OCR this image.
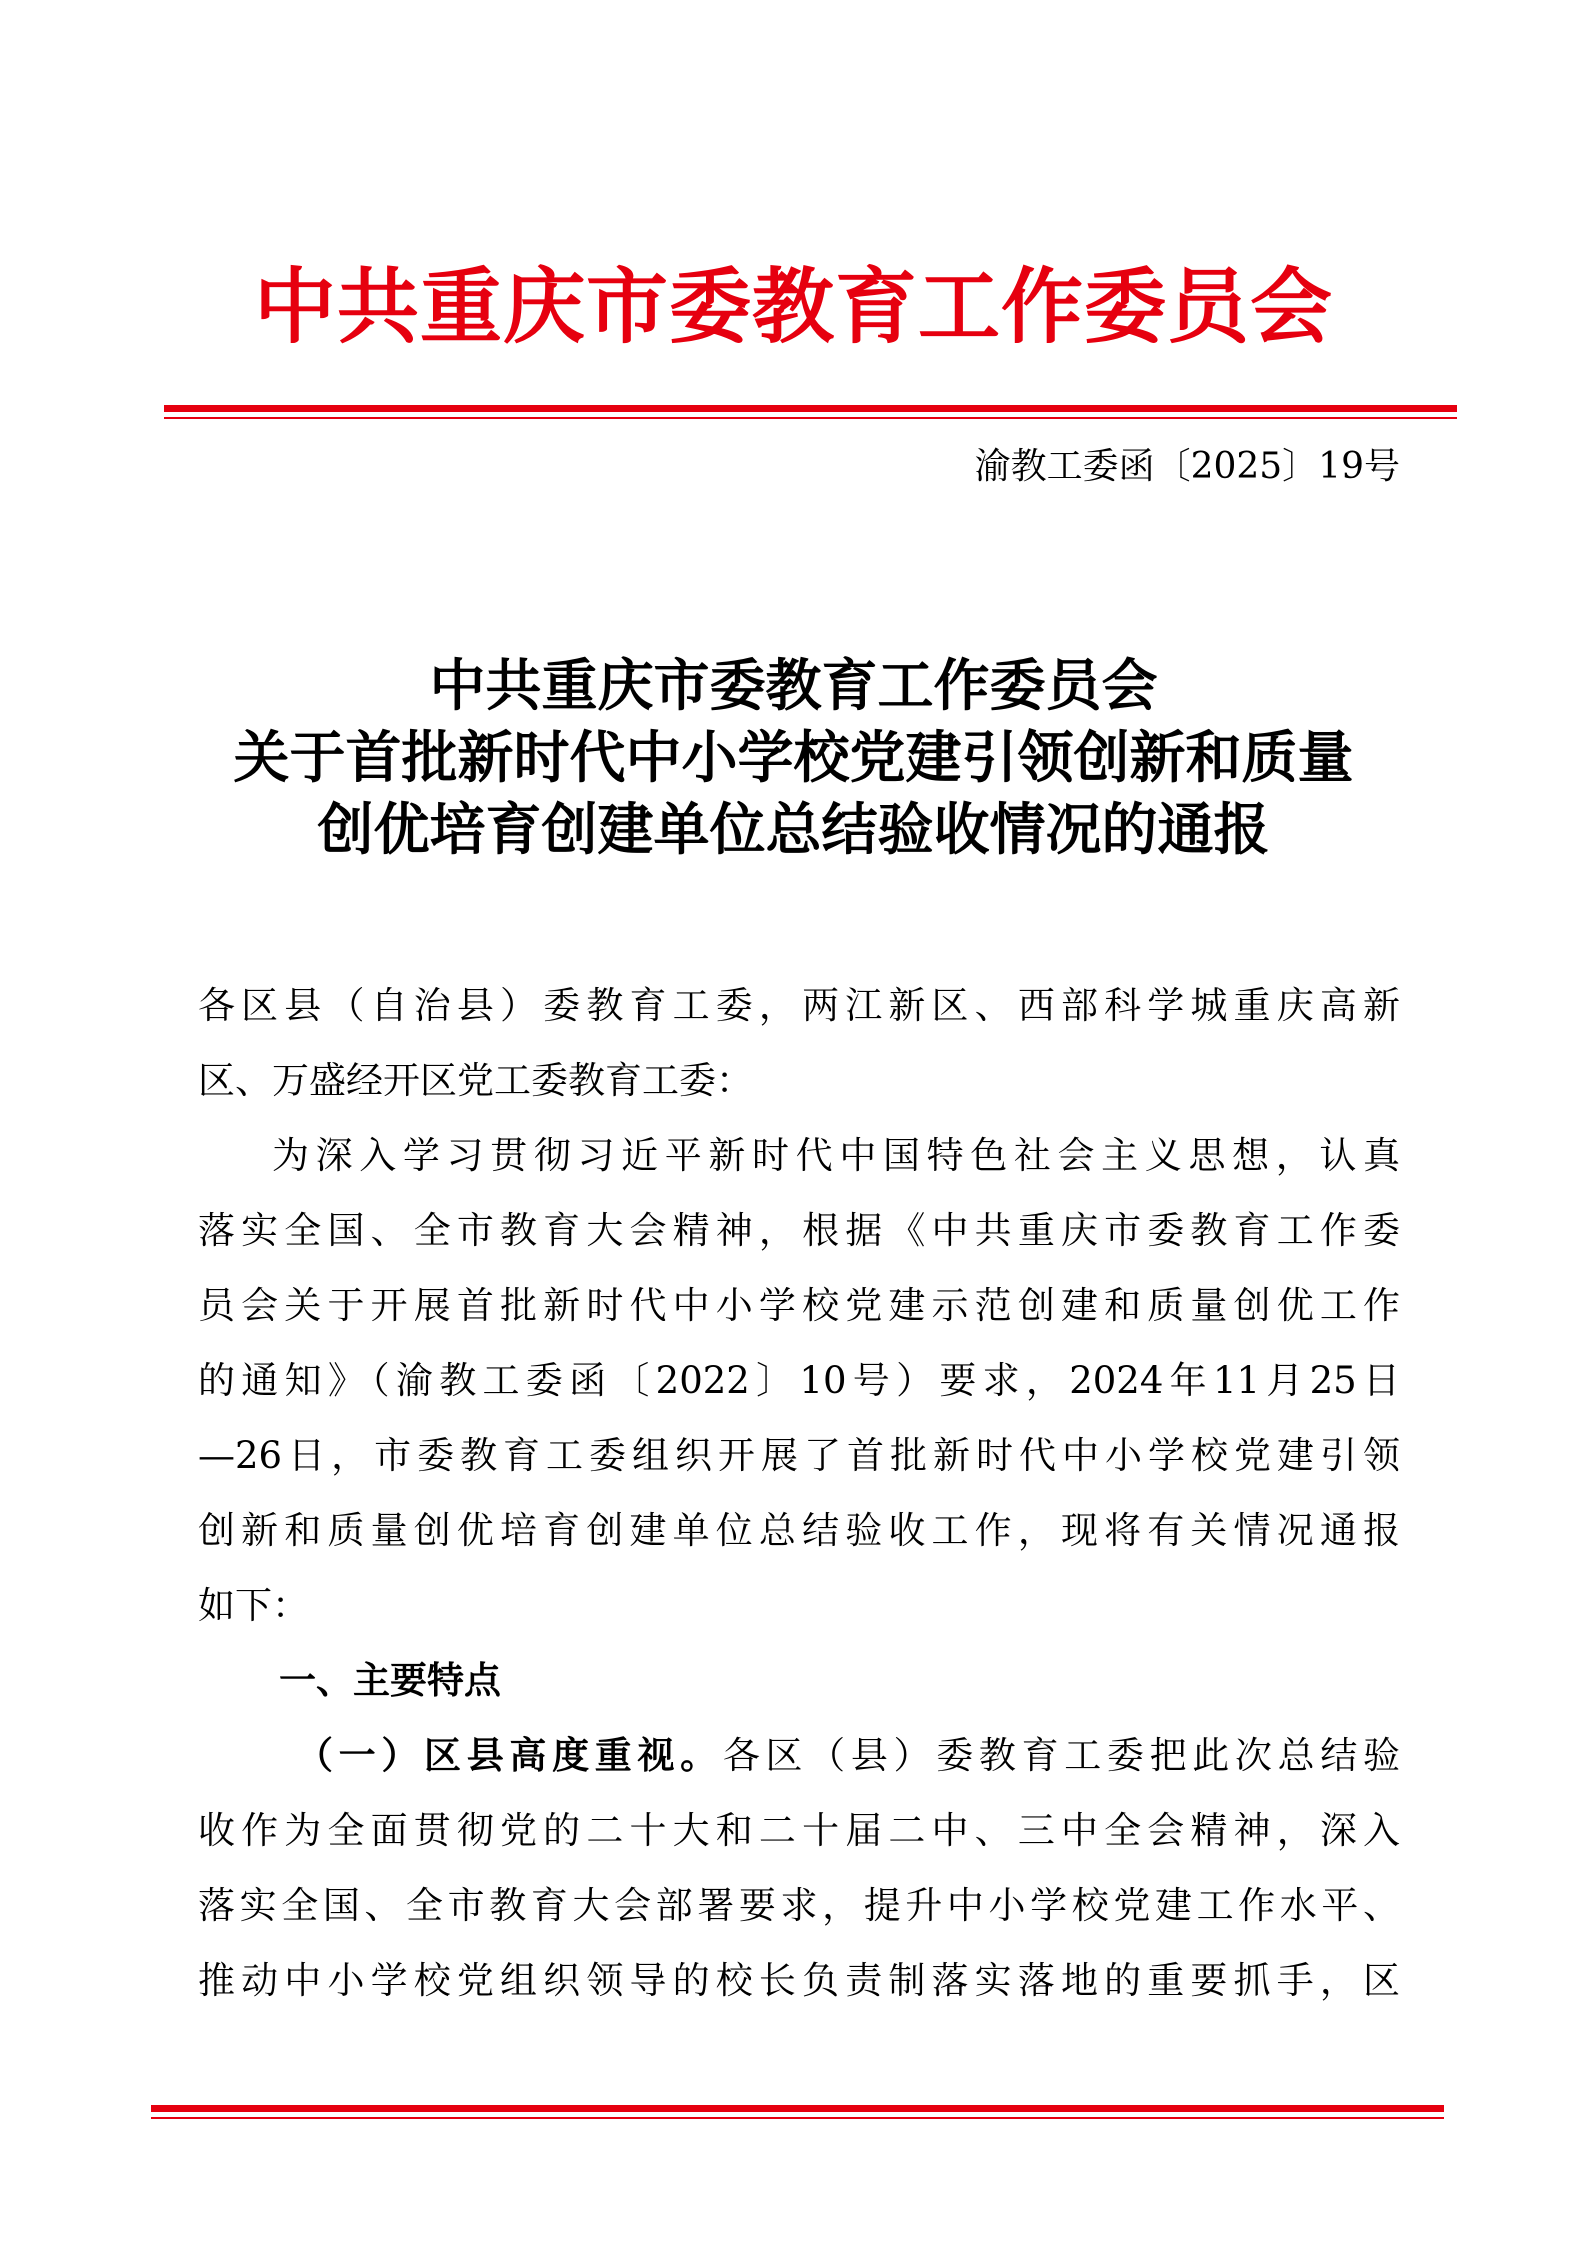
中共重庆市委教育工作委员会
渝教工委函〔2025〕19号
中共重庆市委教育工作委员会
关于首批新时代中小学校党建引领创新和质量
创优培育创建单位总结验收情况的通报
各区县（自治县）委教育工委，两江新区、西部科学城重庆高新
区、万盛经开区党工委教育工委：
为深入学习贯彻习近平新时代中国特色社会主义思想，认真
落实全国、全市教育大会精神，根据《中共重庆市委教育工作委
员会关于开展首批新时代中小学校党建示范创建和质量创优工作
的通知》（渝教工委函〔2022〕10号）要求，2024年11月25日
—26日，市委教育工委组织开展了首批新时代中小学校党建引领
创新和质量创优培育创建单位总结验收工作，现将有关情况通报
如下：
一、主要特点
（一）区县高度重视。各区（县）委教育工委把此次总结验
收作为全面贯彻党的二十大和二十届二中、三中全会精神，深入
落实全国、全市教育大会部署要求，提升中小学校党建工作水平、
推动中小学校党组织领导的校长负责制落实落地的重要抓手，区
